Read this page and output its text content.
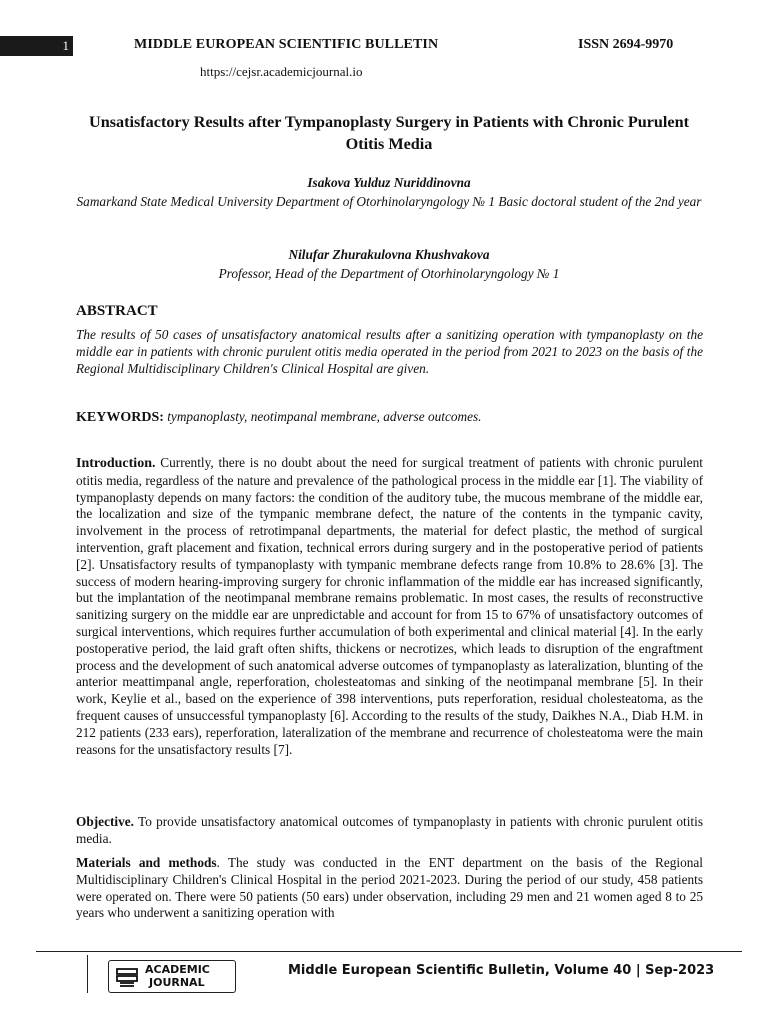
1	MIDDLE EUROPEAN SCIENTIFIC BULLETIN	ISSN 2694-9970
https://cejsr.academicjournal.io
Unsatisfactory Results after Tympanoplasty Surgery in Patients with Chronic Purulent Otitis Media
Isakova Yulduz Nuriddinovna
Samarkand State Medical University Department of Otorhinolaryngology № 1 Basic doctoral student of the 2nd year
Nilufar Zhurakulovna Khushvakova
Professor, Head of the Department of Otorhinolaryngology № 1
ABSTRACT
The results of 50 cases of unsatisfactory anatomical results after a sanitizing operation with tympanoplasty on the middle ear in patients with chronic purulent otitis media operated in the period from 2021 to 2023 on the basis of the Regional Multidisciplinary Children's Clinical Hospital are given.
KEYWORDS: tympanoplasty, neotimpanal membrane, adverse outcomes.
Introduction. Currently, there is no doubt about the need for surgical treatment of patients with chronic purulent otitis media, regardless of the nature and prevalence of the pathological process in the middle ear [1]. The viability of tympanoplasty depends on many factors: the condition of the auditory tube, the mucous membrane of the middle ear, the localization and size of the tympanic membrane defect, the nature of the contents in the tympanic cavity, involvement in the process of retrotimpanal departments, the material for defect plastic, the method of surgical intervention, graft placement and fixation, technical errors during surgery and in the postoperative period of patients [2]. Unsatisfactory results of tympanoplasty with tympanic membrane defects range from 10.8% to 28.6% [3]. The success of modern hearing-improving surgery for chronic inflammation of the middle ear has increased significantly, but the implantation of the neotimpanal membrane remains problematic. In most cases, the results of reconstructive sanitizing surgery on the middle ear are unpredictable and account for from 15 to 67% of unsatisfactory outcomes of surgical interventions, which requires further accumulation of both experimental and clinical material [4]. In the early postoperative period, the laid graft often shifts, thickens or necrotizes, which leads to disruption of the engraftment process and the development of such anatomical adverse outcomes of tympanoplasty as lateralization, blunting of the anterior meattimpanal angle, reperforation, cholesteatomas and sinking of the neotimpanal membrane [5]. In their work, Keylie et al., based on the experience of 398 interventions, puts reperforation, residual cholesteatoma, as the frequent causes of unsuccessful tympanoplasty [6]. According to the results of the study, Daikhes N.A., Diab H.M. in 212 patients (233 ears), reperforation, lateralization of the membrane and recurrence of cholesteatoma were the main reasons for the unsatisfactory results [7].
Objective. To provide unsatisfactory anatomical outcomes of tympanoplasty in patients with chronic purulent otitis media.
Materials and methods. The study was conducted in the ENT department on the basis of the Regional Multidisciplinary Children's Clinical Hospital in the period 2021-2023. During the period of our study, 458 patients were operated on. There were 50 patients (50 ears) under observation, including 29 men and 21 women aged 8 to 25 years who underwent a sanitizing operation with
ACADEMIC
JOURNAL
Middle European Scientific Bulletin, Volume 40 | Sep-2023
